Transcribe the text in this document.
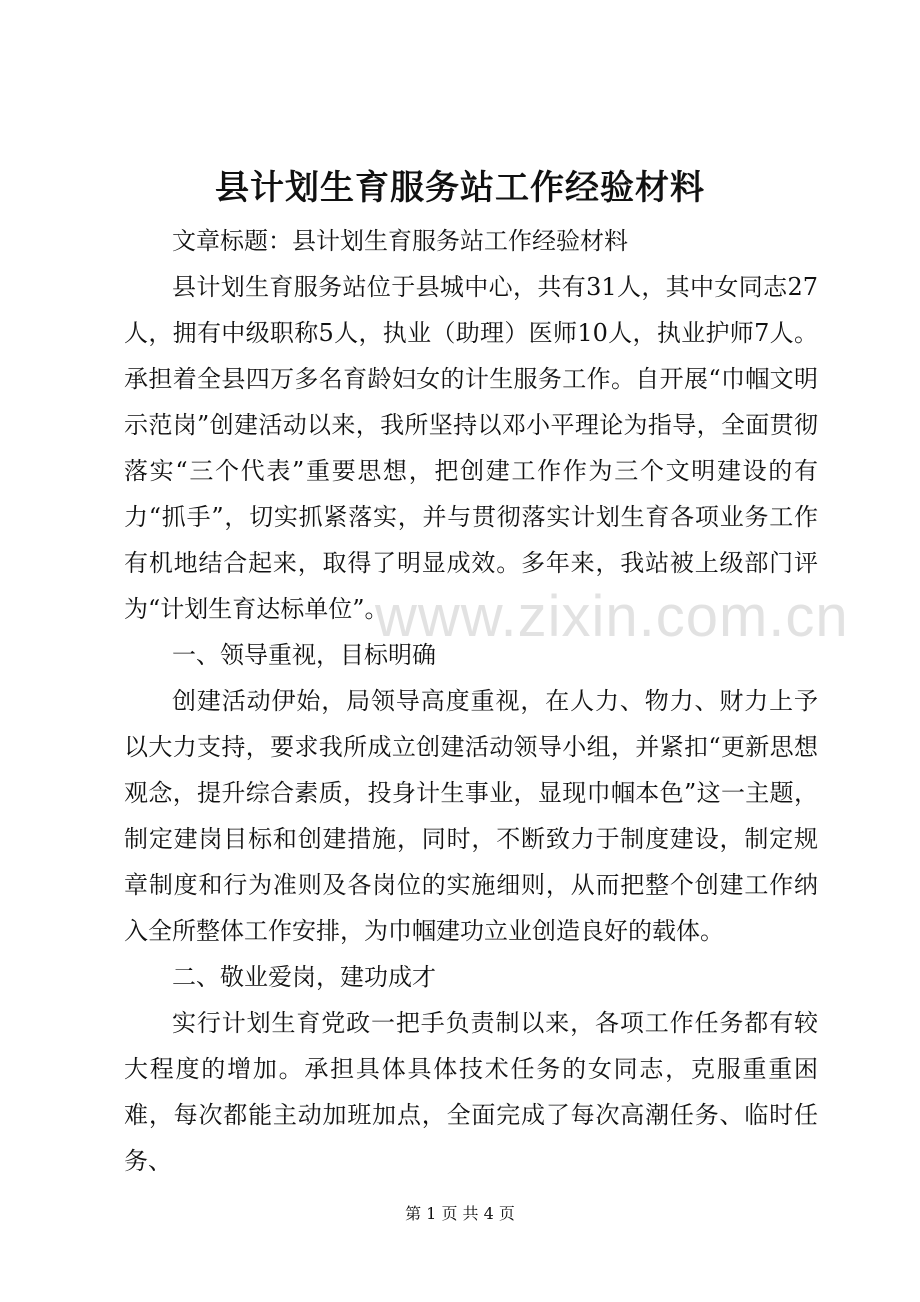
www.zixin.com.cn
县计划生育服务站工作经验材料

文章标题：县计划生育服务站工作经验材料

县计划生育服务站位于县城中心，共有31人，其中女同志27人，拥有中级职称5人，执业（助理）医师10人，执业护师7人。承担着全县四万多名育龄妇女的计生服务工作。自开展“巾帼文明示范岗”创建活动以来，我所坚持以邓小平理论为指导，全面贯彻落实“三个代表”重要思想，把创建工作作为三个文明建设的有力“抓手”，切实抓紧落实，并与贯彻落实计划生育各项业务工作有机地结合起来，取得了明显成效。多年来，我站被上级部门评为“计划生育达标单位”。

一、领导重视，目标明确

创建活动伊始，局领导高度重视，在人力、物力、财力上予以大力支持，要求我所成立创建活动领导小组，并紧扣“更新思想观念，提升综合素质，投身计生事业，显现巾帼本色”这一主题，制定建岗目标和创建措施，同时，不断致力于制度建设，制定规章制度和行为准则及各岗位的实施细则，从而把整个创建工作纳入全所整体工作安排，为巾帼建功立业创造良好的载体。

二、敬业爱岗，建功成才

实行计划生育党政一把手负责制以来，各项工作任务都有较大程度的增加。承担具体具体技术任务的女同志，克服重重困难，每次都能主动加班加点，全面完成了每次高潮任务、临时任务、

第 1 页 共 4 页
